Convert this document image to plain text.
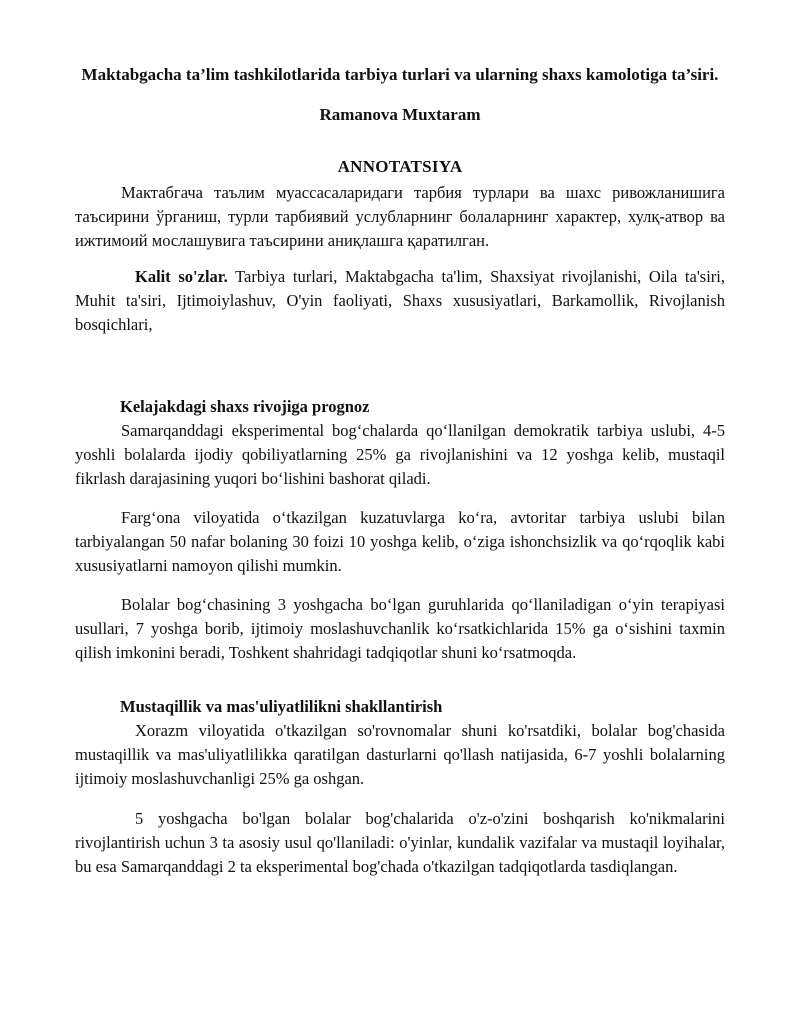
Maktabgacha ta’lim tashkilotlarida tarbiya turlari va ularning shaxs kamolotiga ta’siri.
Ramanova Muxtaram
ANNOTATSIYA

Мактабгача таълим муассасаларидаги тарбия турлари ва шахс ривожланишига таъсирини ўрганиш, турли тарбиявий услубларнинг болаларнинг характер, хулқ-атвор ва ижтимоий мослашувига таъсирини аниқлашга қаратилган.

Kalit so'zlar. Tarbiya turlari, Maktabgacha ta'lim, Shaxsiyat rivojlanishi, Oila ta'siri, Muhit ta'siri, Ijtimoiylashuv, O'yin faoliyati, Shaxs xususiyatlari, Barkamollik, Rivojlanish bosqichlari,

Kelajakdagi shaxs rivojiga prognoz

Samarqanddagi eksperimental bog‘chalarda qo‘llanilgan demokratik tarbiya uslubi, 4-5 yoshli bolalarda ijodiy qobiliyatlarning 25% ga rivojlanishini va 12 yoshga kelib, mustaqil fikrlash darajasining yuqori bo‘lishini bashorat qiladi.

Farg‘ona viloyatida o‘tkazilgan kuzatuvlarga ko‘ra, avtoritar tarbiya uslubi bilan tarbiyalangan 50 nafar bolaning 30 foizi 10 yoshga kelib, o‘ziga ishonchsizlik va qo‘rqoqlik kabi xususiyatlarni namoyon qilishi mumkin.

Bolalar bog‘chasining 3 yoshgacha bo‘lgan guruhlarida qo‘llaniladigan o‘yin terapiyasi usullari, 7 yoshga borib, ijtimoiy moslashuvchanlik ko‘rsatkichlarida 15% ga o‘sishini taxmin qilish imkonini beradi, Toshkent shahridagi tadqiqotlar shuni ko‘rsatmoqda.

Mustaqillik va mas'uliyatlilikni shakllantirish

Xorazm viloyatida o'tkazilgan so'rovnomalar shuni ko'rsatdiki, bolalar bog'chasida mustaqillik va mas'uliyatlilikka qaratilgan dasturlarni qo'llash natijasida, 6-7 yoshli bolalarning ijtimoiy moslashuvchanligi 25% ga oshgan.

5 yoshgacha bo'lgan bolalar bog'chalarida o'z-o'zini boshqarish ko'nikmalarini rivojlantirish uchun 3 ta asosiy usul qo'llaniladi: o'yinlar, kundalik vazifalar va mustaqil loyihalar, bu esa Samarqanddagi 2 ta eksperimental bog'chada o'tkazilgan tadqiqotlarda tasdiqlangan.
